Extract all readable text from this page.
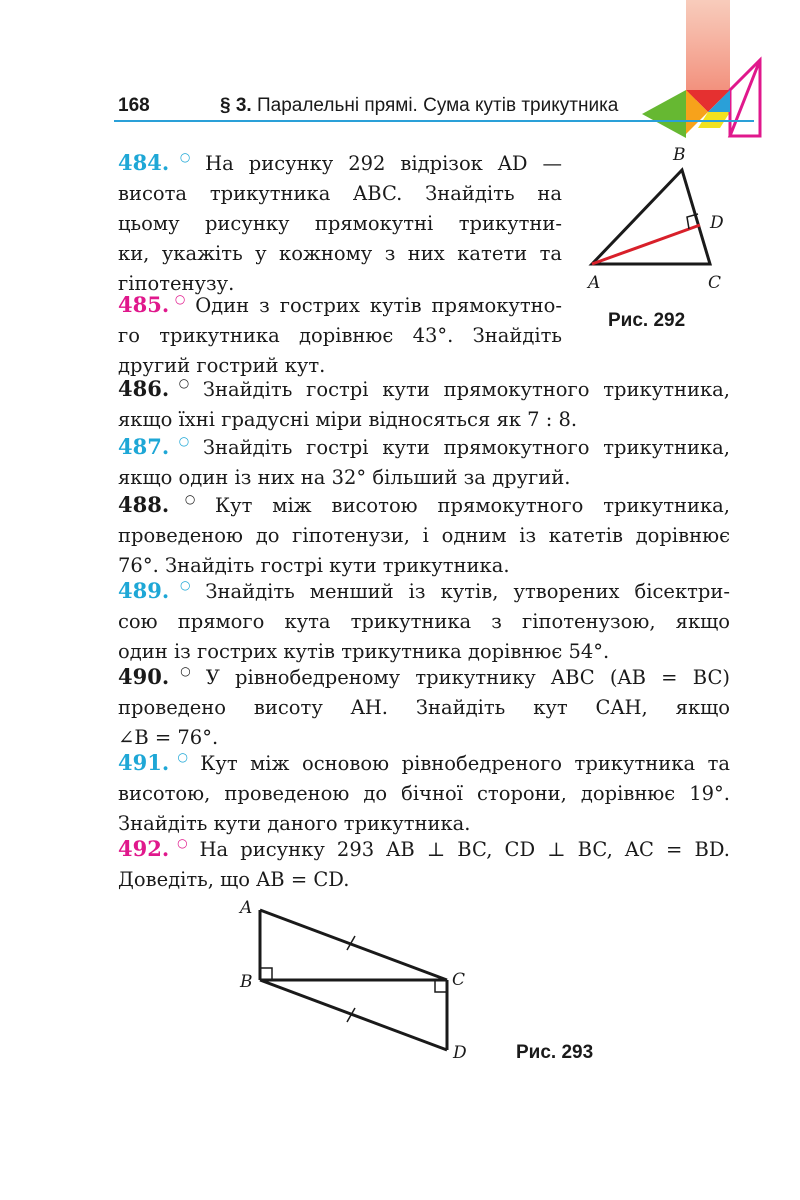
168	§ 3. Паралельні прямі. Сума кутів трикутника

484. ○ На рисунку 292 відрізок AD —

висота трикутника ABC. Знайдіть на

цьому рисунку прямокутні трикутни-

ки, укажіть у кожному з них катети та

гіпотенузу.

485. ○ Один з гострих кутів прямокутно-

го трикутника дорівнює 43°. Знайдіть

другий гострий кут.

B
D
A	C
Рис. 292

486. ○ Знайдіть гострі кути прямокутного трикутника,

якщо їхні градусні міри відносяться як 7 : 8.

487. ○ Знайдіть гострі кути прямокутного трикутника,

якщо один із них на 32° більший за другий.

488. ○ Кут між висотою прямокутного трикутника,

проведеною до гіпотенузи, і одним із катетів дорівнює

76°. Знайдіть гострі кути трикутника.

489. ○ Знайдіть менший із кутів, утворених бісектри-

сою прямого кута трикутника з гіпотенузою, якщо

один із гострих кутів трикутника дорівнює 54°.

490. ○ У рівнобедреному трикутнику ABC (AB = BC)

проведено висоту AH. Знайдіть кут CAH, якщо

∠B = 76°.

491. ○ Кут між основою рівнобедреного трикутника та

висотою, проведеною до бічної сторони, дорівнює 19°.

Знайдіть кути даного трикутника.

492. ○ На рисунку 293 AB ⊥ BC, CD ⊥ BC, AC = BD.

Доведіть, що AB = CD.

A
B	C
D	Рис. 293
